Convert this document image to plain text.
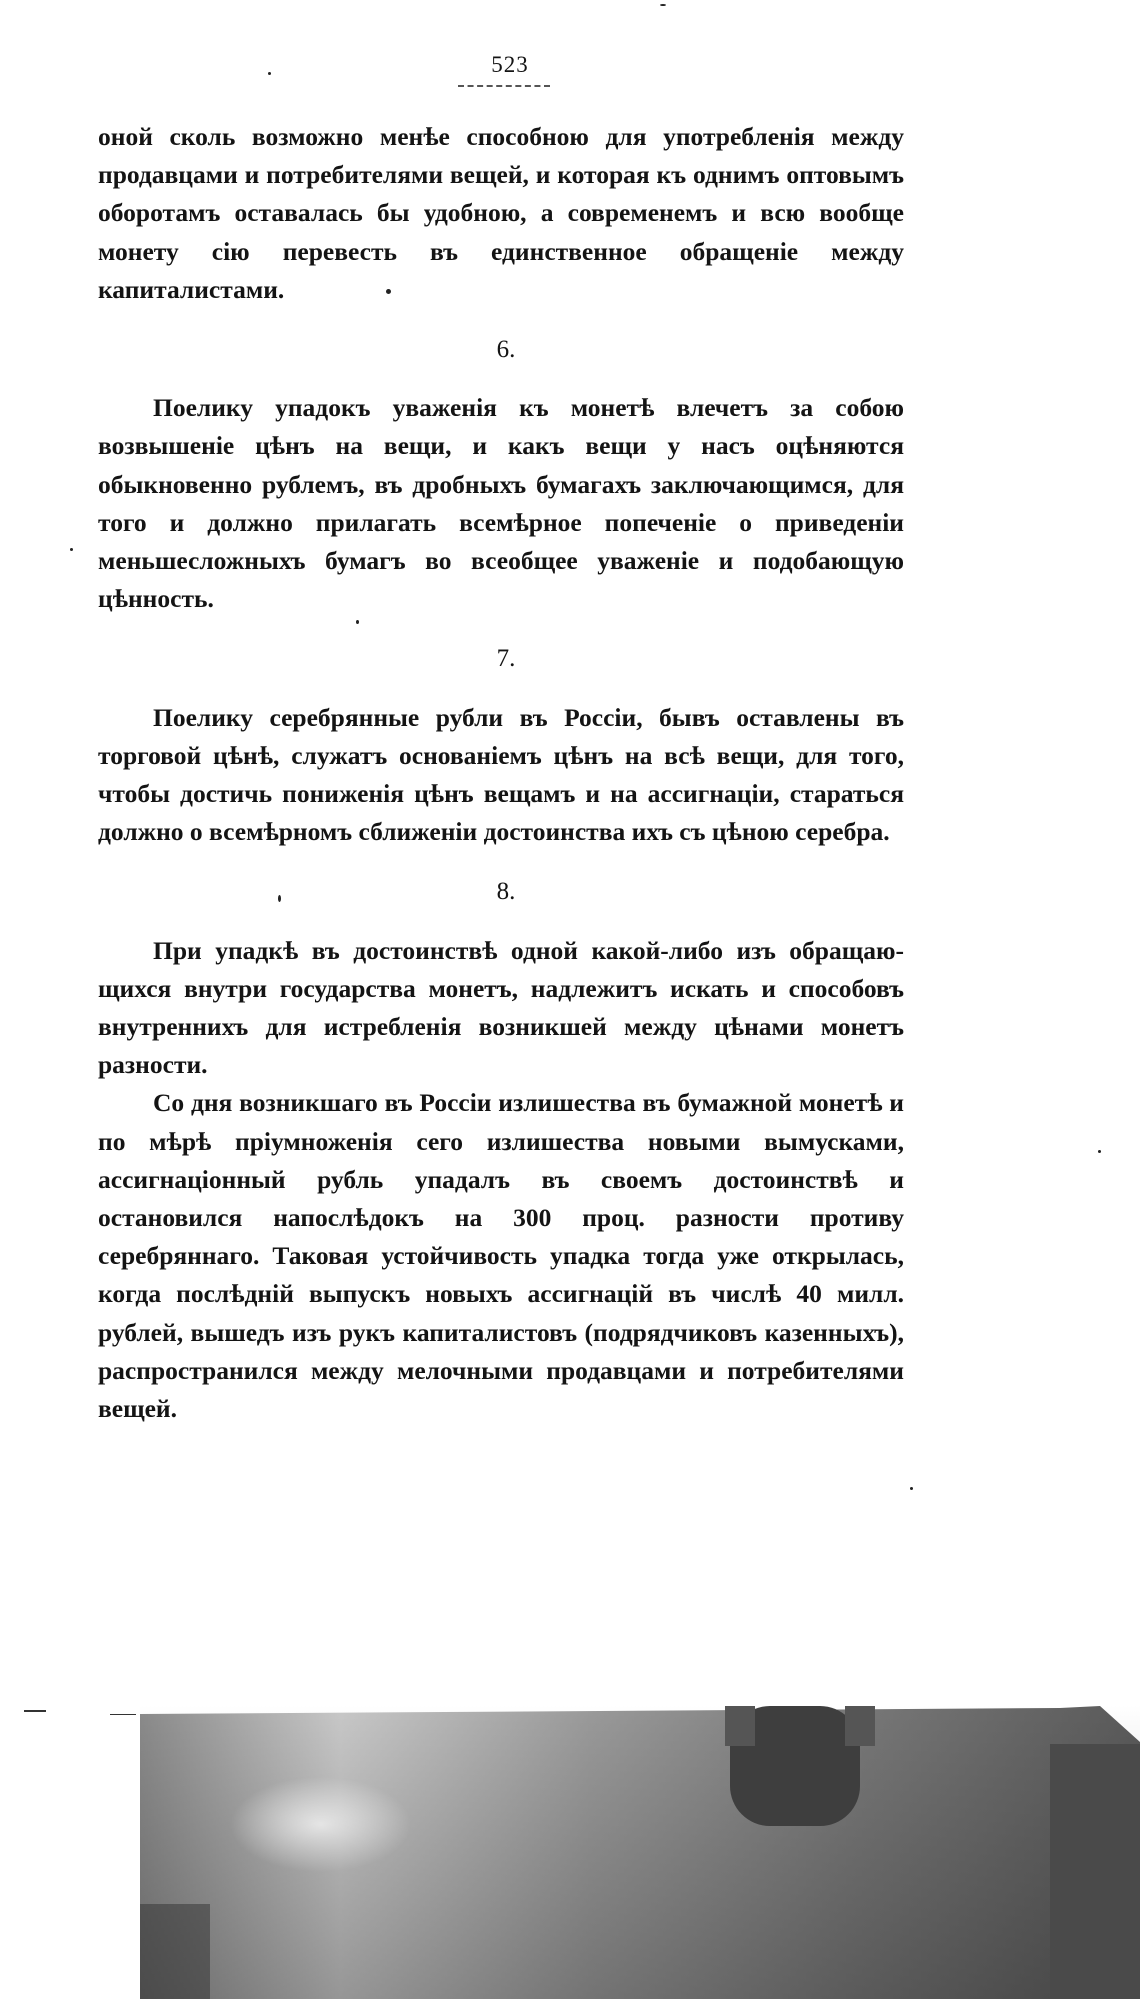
523

оной сколь возможно менѣе способною для употребленія между продавцами и потребителями вещей, и которая къ однимъ оптовымъ оборотамъ оставалась бы удобною, а современемъ и всю вообще монету сію перевесть въ единственное обращеніе между капиталистами.

6.

Поелику упадокъ уваженія къ монетѣ влечетъ за собою возвышеніе цѣнъ на вещи, и какъ вещи у насъ оцѣняются обыкновенно рублемъ, въ дробныхъ бумагахъ заключающимся, для того и должно прилагать всемѣрное попеченіе о приведеніи меньшесложныхъ бумагъ во всеобщее уваженіе и подобающую цѣнность.

7.

Поелику серебрянные рубли въ Россіи, бывъ оставлены въ торговой цѣнѣ, служатъ основаніемъ цѣнъ на всѣ вещи, для того, чтобы достичь пониженія цѣнъ вещамъ и на ассигнаціи, стараться должно о всемѣрномъ сближеніи достоинства ихъ съ цѣною серебра.

8.

При упадкѣ въ достоинствѣ одной какой-либо изъ обращающихся внутри государства монетъ, надлежитъ искать и способовъ внутреннихъ для истребленія возникшей между цѣнами монетъ разности.

Со дня возникшаго въ Россіи излишества въ бумажной монетѣ и по мѣрѣ пріумноженія сего излишества новыми вымусками, ассигнаціонный рубль упадалъ въ своемъ достоинствѣ и остановился напослѣдокъ на 300 проц. разности противу серебряннаго. Таковая устойчивость упадка тогда уже открылась, когда послѣдній выпускъ новыхъ ассигнацій въ числѣ 40 милл. рублей, вышедъ изъ рукъ капиталистовъ (подрядчиковъ казенныхъ), распространился между мелочными продавцами и потребителями вещей.
